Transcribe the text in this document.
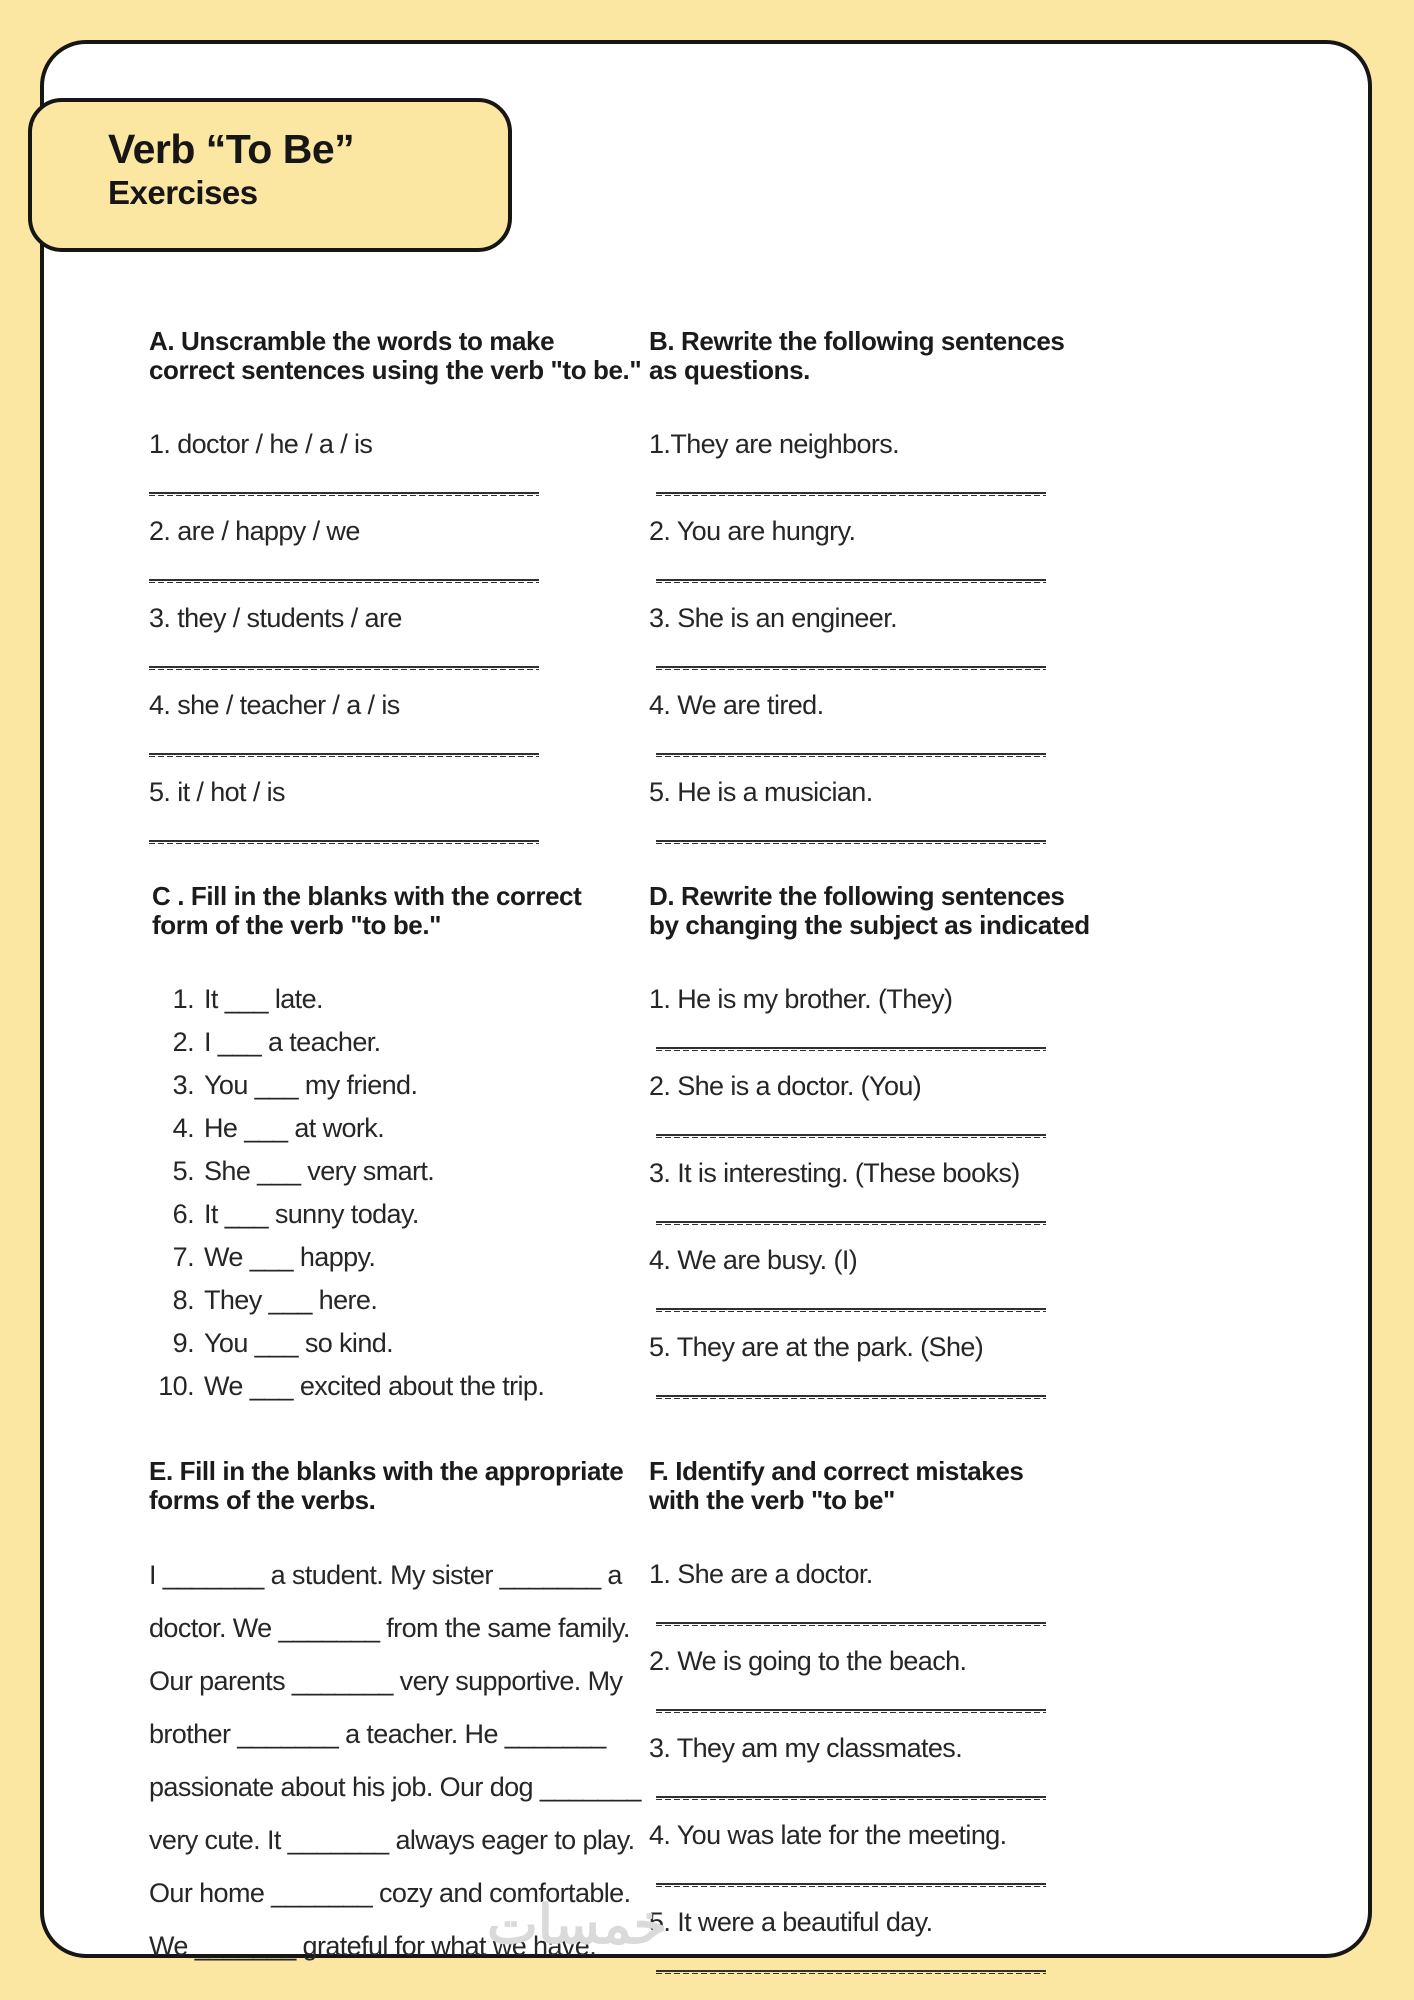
A. Unscramble the words to make
correct sentences using the verb "to be."
1. doctor / he / a / is
2. are / happy / we
3. they / students / are
4. she / teacher / a / is
5. it / hot / is
B. Rewrite the following sentences
as questions.
1.They are neighbors.
2. You are hungry.
3. She is an engineer.
4. We are tired.
5. He is a musician.
C . Fill in the blanks with the correct
form of the verb "to be."
1. It ___ late.
2. I ___ a teacher.
3. You ___ my friend.
4. He ___ at work.
5. She ___ very smart.
6. It ___ sunny today.
7. We ___ happy.
8. They ___ here.
9. You ___ so kind.
10. We ___ excited about the trip.
D. Rewrite the following sentences
by changing the subject as indicated
1. He is my brother. (They)
2. She is a doctor. (You)
3. It is interesting. (These books)
4. We are busy. (I)
5. They are at the park. (She)
E. Fill in the blanks with the appropriate
forms of the verbs.
I _______ a student. My sister _______ a
doctor. We _______ from the same family.
Our parents _______ very supportive. My
brother _______ a teacher. He _______
passionate about his job. Our dog _______
very cute. It _______ always eager to play.
Our home _______ cozy and comfortable.
We _______ grateful for what we have.
F. Identify and correct mistakes
with the verb "to be"
1. She are a doctor.
2. We is going to the beach.
3. They am my classmates.
4. You was late for the meeting.
5. It were a beautiful day.
Verb “To Be”
Exercises
خمسات
